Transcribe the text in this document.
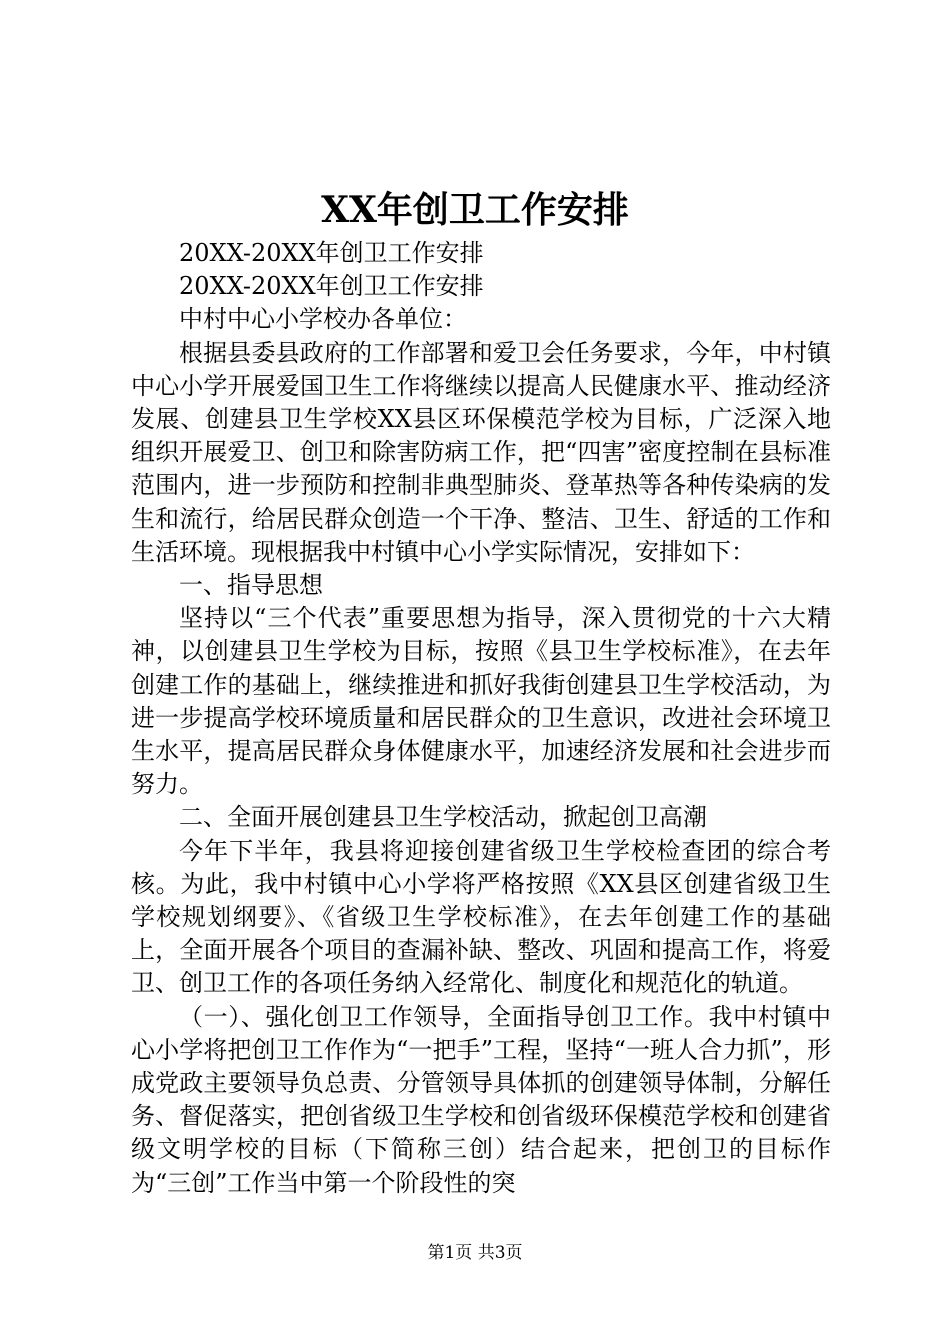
XX年创卫工作安排

20XX-20XX年创卫工作安排

20XX-20XX年创卫工作安排

中村中心小学校办各单位：

根据县委县政府的工作部署和爱卫会任务要求，今年，中村镇中心小学开展爱国卫生工作将继续以提高人民健康水平、推动经济发展、创建县卫生学校XX县区环保模范学校为目标，广泛深入地组织开展爱卫、创卫和除害防病工作，把“四害”密度控制在县标准范围内，进一步预防和控制非典型肺炎、登革热等各种传染病的发生和流行，给居民群众创造一个干净、整洁、卫生、舒适的工作和生活环境。现根据我中村镇中心小学实际情况，安排如下：

一、指导思想

坚持以“三个代表”重要思想为指导，深入贯彻党的十六大精神，以创建县卫生学校为目标，按照《县卫生学校标准》，在去年创建工作的基础上，继续推进和抓好我街创建县卫生学校活动，为进一步提高学校环境质量和居民群众的卫生意识，改进社会环境卫生水平，提高居民群众身体健康水平，加速经济发展和社会进步而努力。

二、全面开展创建县卫生学校活动，掀起创卫高潮

今年下半年，我县将迎接创建省级卫生学校检查团的综合考核。为此，我中村镇中心小学将严格按照《XX县区创建省级卫生学校规划纲要》、《省级卫生学校标准》，在去年创建工作的基础上，全面开展各个项目的查漏补缺、整改、巩固和提高工作，将爱卫、创卫工作的各项任务纳入经常化、制度化和规范化的轨道。

（一）、强化创卫工作领导，全面指导创卫工作。我中村镇中心小学将把创卫工作作为“一把手”工程，坚持“一班人合力抓”，形成党政主要领导负总责、分管领导具体抓的创建领导体制，分解任务、督促落实，把创省级卫生学校和创省级环保模范学校和创建省级文明学校的目标（下简称三创）结合起来，把创卫的目标作为“三创”工作当中第一个阶段性的突

第1页 共3页
